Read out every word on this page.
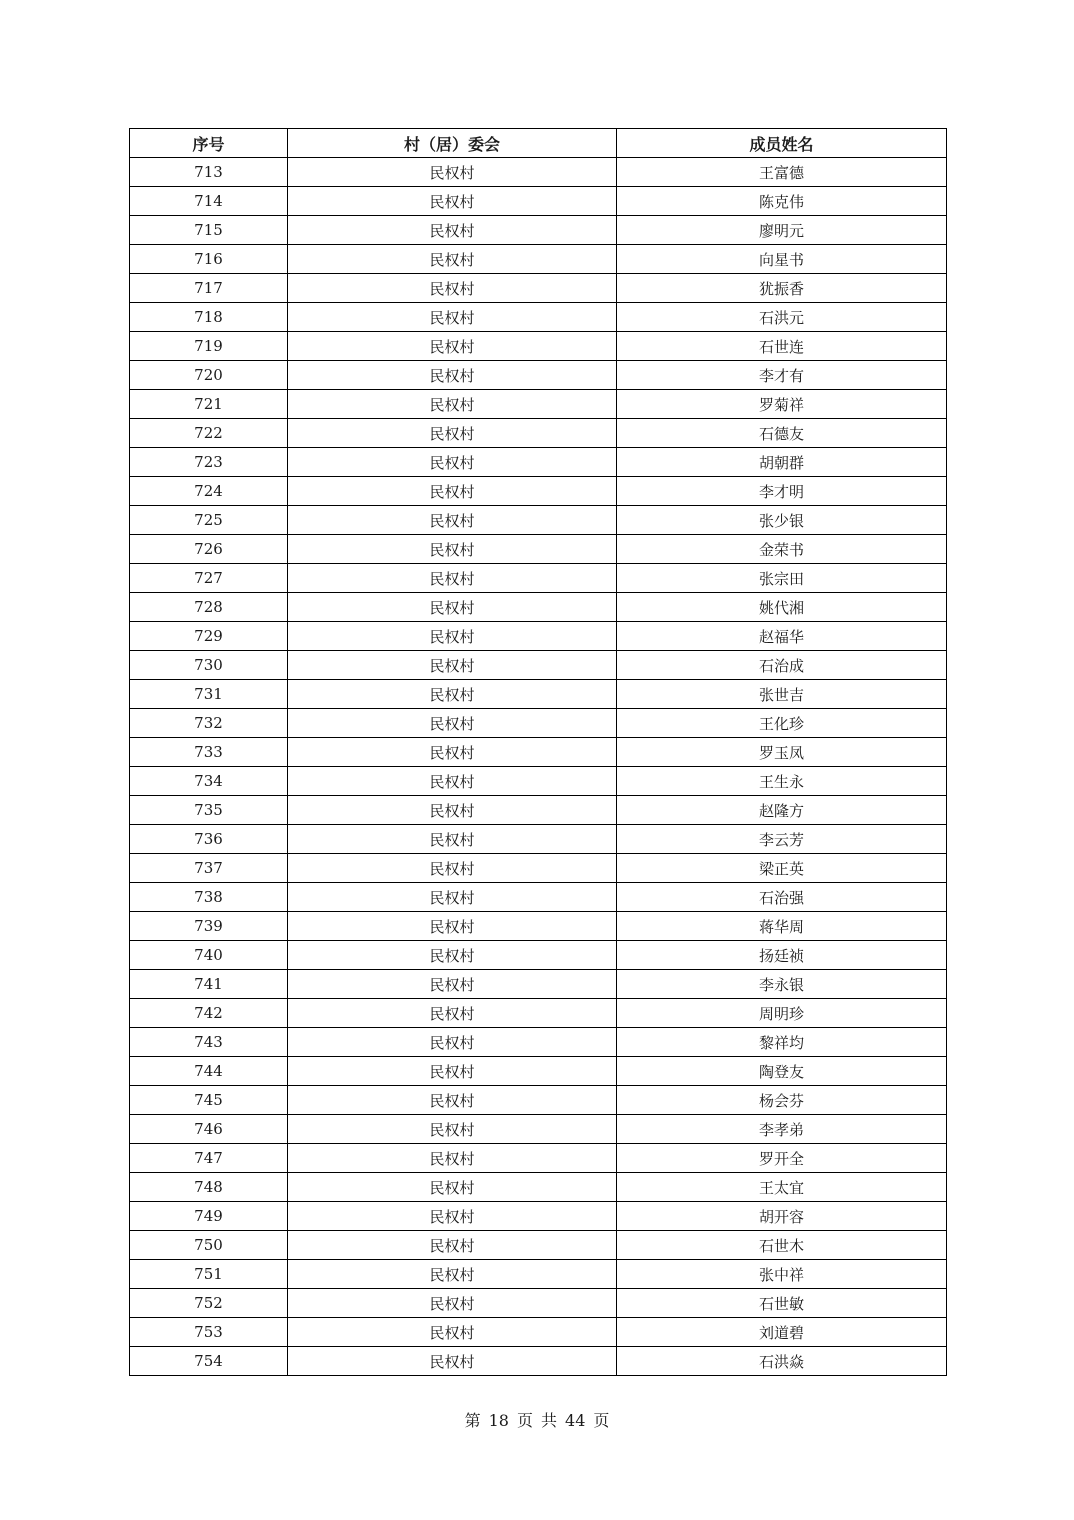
序号	村（居）委会	成员姓名
713	民权村	王富德
714	民权村	陈克伟
715	民权村	廖明元
716	民权村	向星书
717	民权村	犹振香
718	民权村	石洪元
719	民权村	石世连
720	民权村	李才有
721	民权村	罗菊祥
722	民权村	石德友
723	民权村	胡朝群
724	民权村	李才明
725	民权村	张少银
726	民权村	金荣书
727	民权村	张宗田
728	民权村	姚代湘
729	民权村	赵福华
730	民权村	石治成
731	民权村	张世吉
732	民权村	王化珍
733	民权村	罗玉凤
734	民权村	王生永
735	民权村	赵隆方
736	民权村	李云芳
737	民权村	梁正英
738	民权村	石治强
739	民权村	蒋华周
740	民权村	扬廷祯
741	民权村	李永银
742	民权村	周明珍
743	民权村	黎祥均
744	民权村	陶登友
745	民权村	杨会芬
746	民权村	李孝弟
747	民权村	罗开全
748	民权村	王太宜
749	民权村	胡开容
750	民权村	石世木
751	民权村	张中祥
752	民权村	石世敏
753	民权村	刘道碧
754	民权村	石洪焱
第 18 页 共 44 页
